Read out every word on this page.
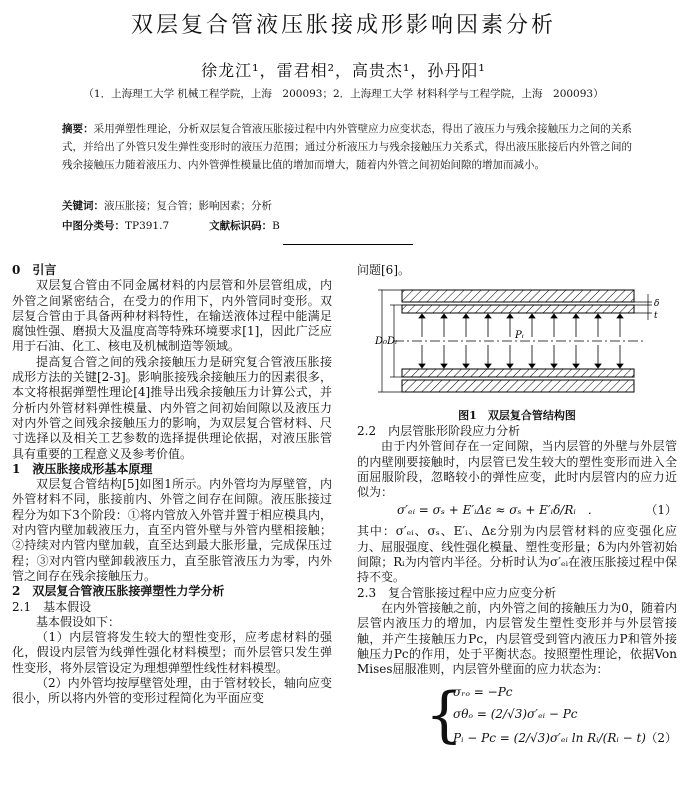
双层复合管液压胀接成形影响因素分析
徐龙江¹，雷君相²，高贵杰¹，孙丹阳¹
（1．上海理工大学 机械工程学院，上海　200093；2．上海理工大学 材料科学与工程学院，上海　200093）
摘要：采用弹塑性理论，分析双层复合管液压胀接过程中内外管壁应力应变状态，得出了液压力与残余接触压力之间的关系式，并给出了外管只发生弹性变形时的液压力范围；通过分析液压力与残余接触压力关系式，得出液压胀接后内外管之间的残余接触压力随着液压力、内外管弹性模量比值的增加而增大，随着内外管之间初始间隙的增加而减小。
关键词：液压胀接；复合管；影响因素；分析
中图分类号：TP391.7	文献标识码：B

0　引言

双层复合管由不同金属材料的内层管和外层管组成，内外管之间紧密结合，在受力的作用下，内外管同时变形。双层复合管由于具备两种材料特性，在输送液体过程中能满足腐蚀性强、磨损大及温度高等特殊环境要求[1]，因此广泛应用于石油、化工、核电及机械制造等领域。

提高复合管之间的残余接触压力是研究复合管液压胀接成形方法的关键[2-3]。影响胀接残余接触压力的因素很多，本文将根据弹塑性理论[4]推导出残余接触压力计算公式，并分析内外管材料弹性模量、内外管之间初始间隙以及液压力对内外管之间残余接触压力的影响，为双层复合管材料、尺寸选择以及相关工艺参数的选择提供理论依据，对液压胀管具有重要的工程意义及参考价值。

1　液压胀接成形基本原理

双层复合管结构[5]如图1所示。内外管均为厚壁管，内外管材料不同，胀接前内、外管之间存在间隙。液压胀接过程分为如下3个阶段：①将内管放入外管并置于相应模具内，对内管内壁加载液压力，直至内管外壁与外管内壁相接触；②持续对内管内壁加载，直至达到最大胀形量，完成保压过程；③对内管内壁卸载液压力，直至胀管液压力为零，内外管之间存在残余接触压力。

2　双层复合管液压胀接弹塑性力学分析

2.1　基本假设

基本假设如下：

（1）内层管将发生较大的塑性变形，应考虑材料的强化，假设内层管为线弹性强化材料模型；而外层管只发生弹性变形，将外层管设定为理想弹塑性线性材料模型。

（2）内外管均按厚壁管处理，由于管材较长，轴向应变很小，所以将内外管的变形过程简化为平面应变

问题[6]。

D₀ Dᵢ
Pᵢ
δ
t
图1　双层复合管结构图

2.2　内层管胀形阶段应力分析

由于内外管间存在一定间隙，当内层管的外壁与外层管的内壁刚要接触时，内层管已发生较大的塑性变形而进入全面屈服阶段，忽略较小的弹性应变，此时内层管内的应力近似为：

σ′ₑᵢ = σₛ + E′ᵢΔε ≈ σₛ + E′ᵢδ/Rᵢ　．	（1）

其中：σ′ₑᵢ、σₛ、E′ᵢ、Δε分别为内层管材料的应变强化应力、屈服强度、线性强化模量、塑性变形量；δ为内外管初始间隙；Rᵢ为内管内半径。分析时认为σ′ₑᵢ在液压胀接过程中保持不变。

2.3　复合管胀接过程中应力应变分析

在内外管接触之前，内外管之间的接触压力为0，随着内层管内液压力的增加，内层管发生塑性变形并与外层管接触，并产生接触压力Pc，内层管受到管内液压力P和管外接触压力Pc的作用，处于平衡状态。按照塑性理论，依据Von Mises屈服准则，内层管外壁面的应力状态为：

{
σᵣₒ = −Pc
σθₒ = (2/√3)σ′ₑᵢ − Pc
Pᵢ − Pc = (2/√3)σ′ₑᵢ ln Rᵢ/(Rᵢ − t) （2）
